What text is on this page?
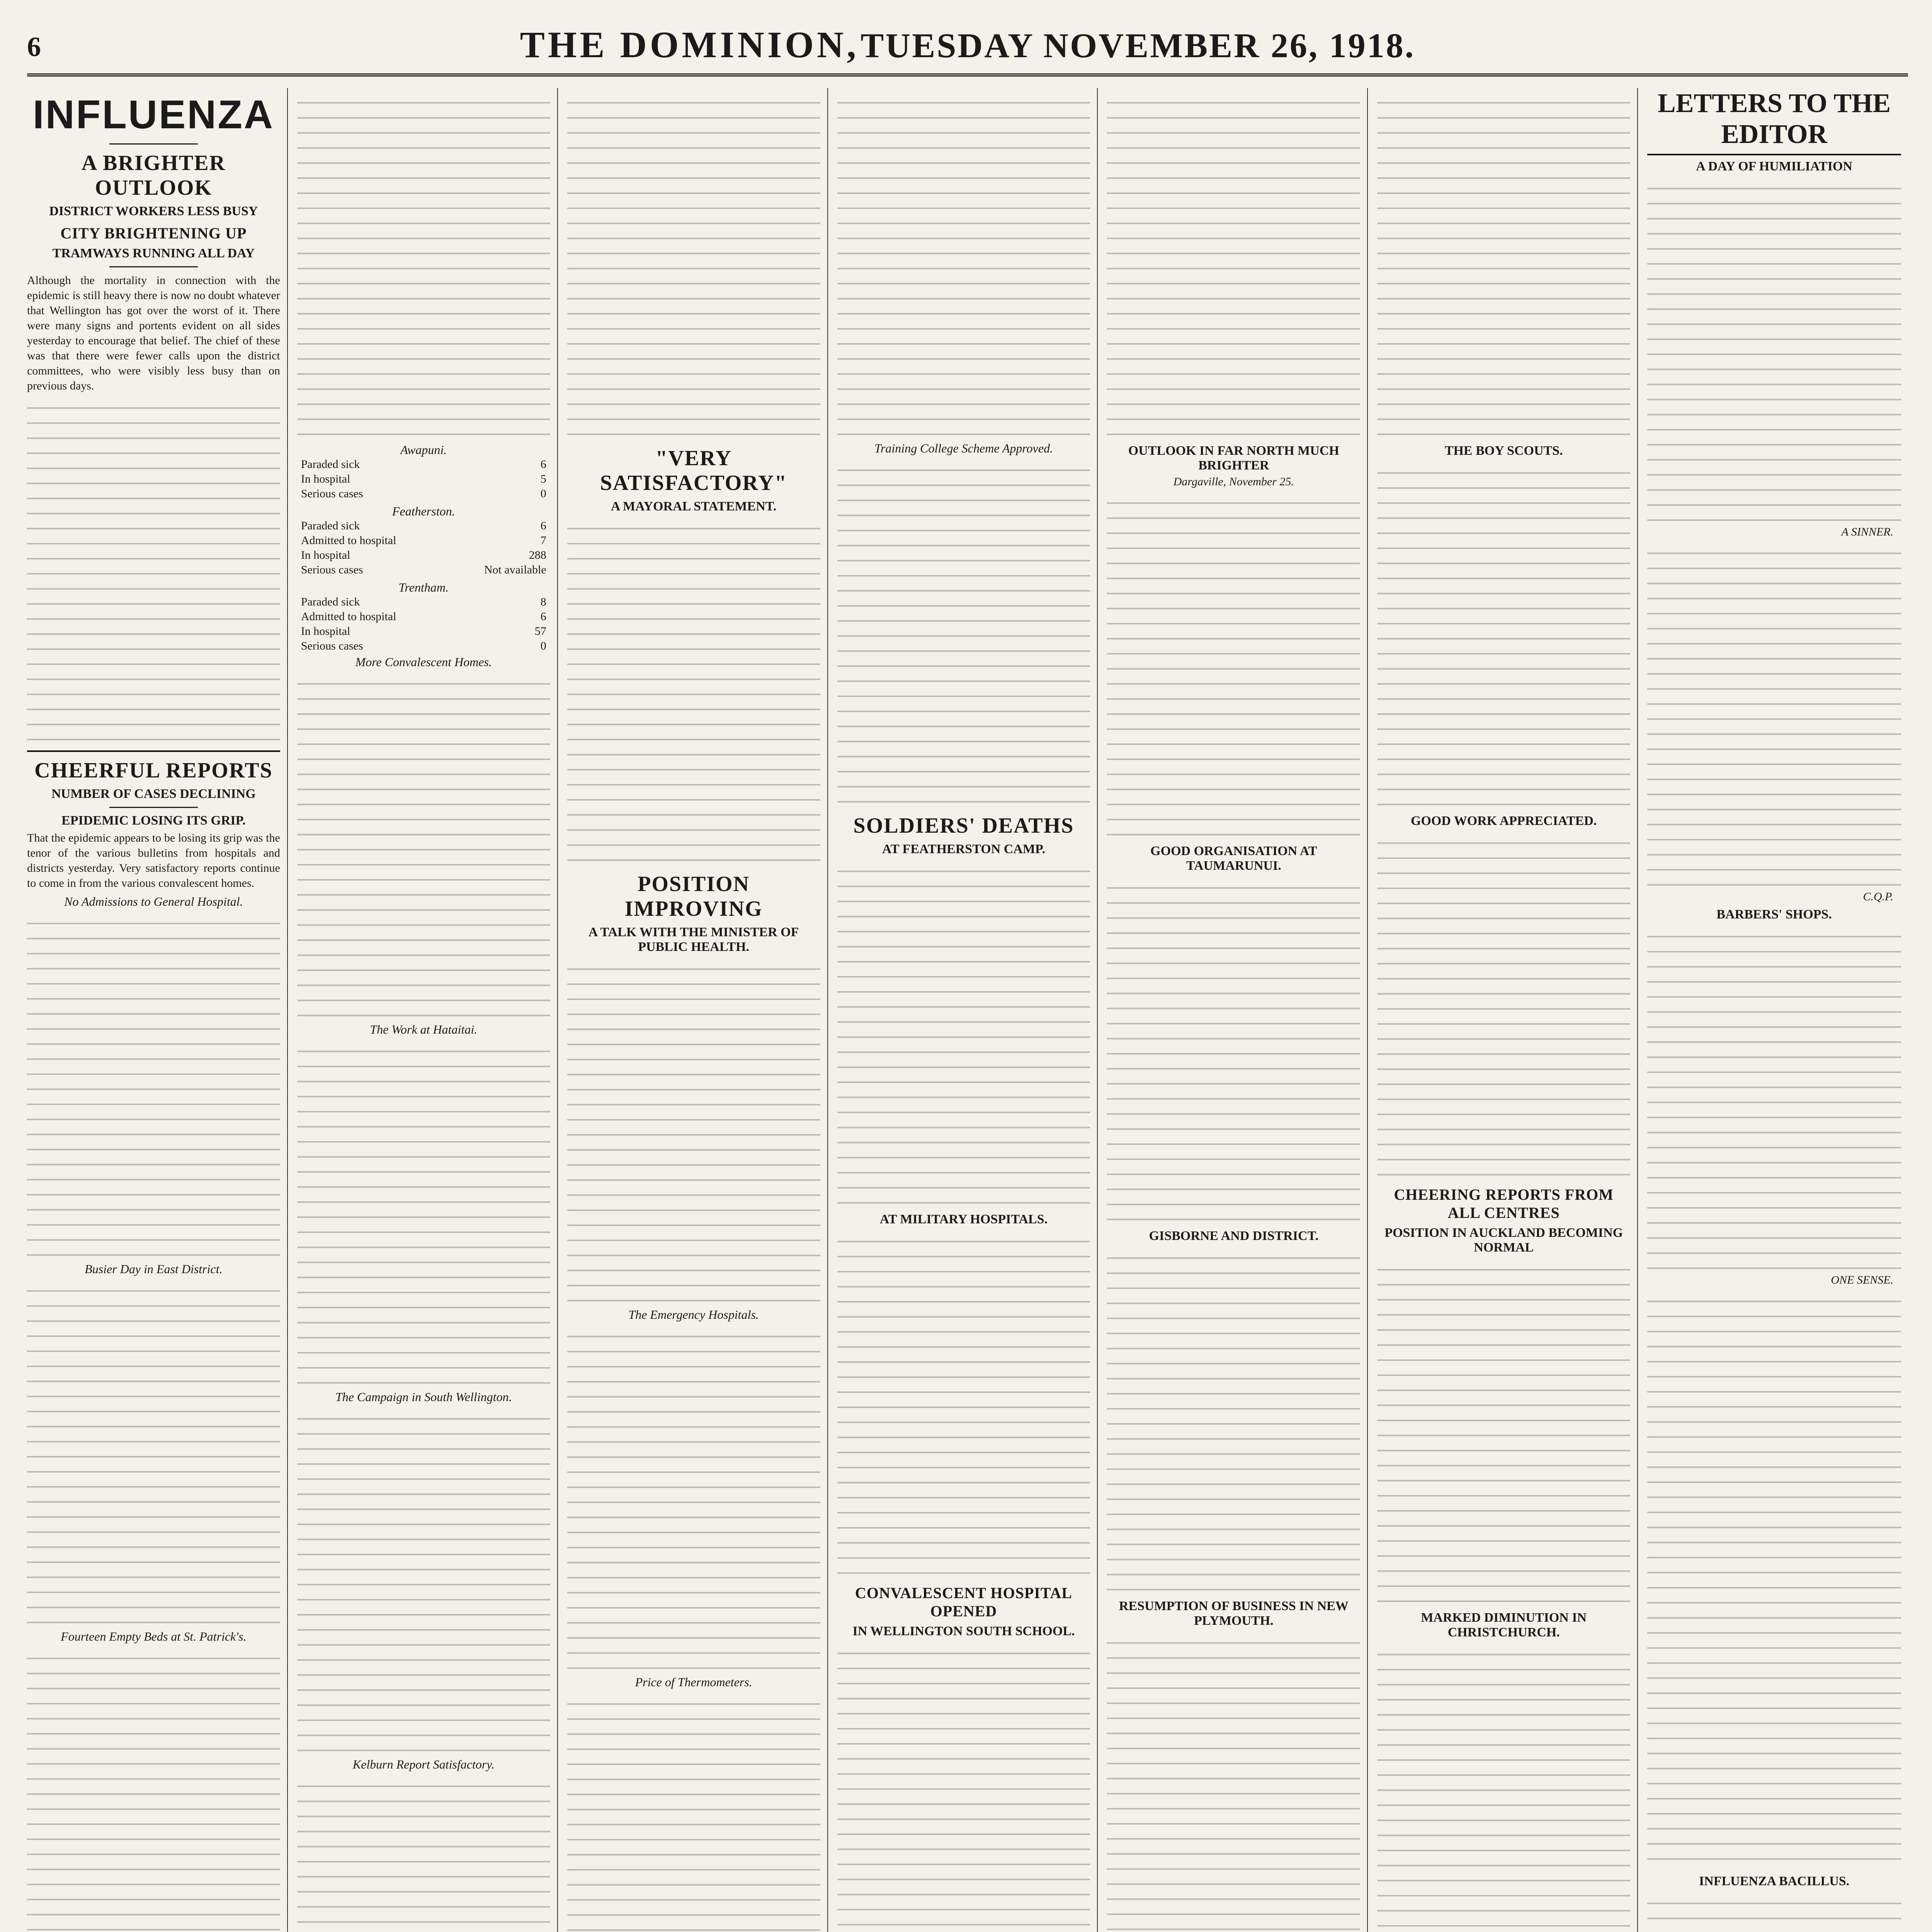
6	THE DOMINION, TUESDAY NOVEMBER 26, 1918.
INFLUENZA
A BRIGHTER OUTLOOK
DISTRICT WORKERS LESS BUSY
CITY BRIGHTENING UP
TRAMWAYS RUNNING ALL DAY

Although the mortality in connection with the epidemic is still heavy there is now no doubt whatever that Wellington has got over the worst of it. There were many signs and portents evident on all sides yesterday to encourage that belief. The chief of these was that there were fewer calls upon the district committees, who were visibly less busy than on previous days.

CHEERFUL REPORTS
NUMBER OF CASES DECLINING
EPIDEMIC LOSING ITS GRIP.

That the epidemic appears to be losing its grip was the tenor of the various bulletins from hospitals and districts yesterday. Very satisfactory reports continue to come in from the various convalescent homes.

No Admissions to General Hospital.
Busier Day in East District.
Fourteen Empty Beds at St. Patrick's.
Awapuni.
Paraded sick	6
In hospital	5
Serious cases	0
Featherston.
Paraded sick	6
Admitted to hospital	7
In hospital	288
Serious cases	Not available
Trentham.
Paraded sick	8
Admitted to hospital	6
In hospital	57
Serious cases	0
More Convalescent Homes.
The Work at Hataitai.
The Campaign in South Wellington.
Kelburn Report Satisfactory.
"VERY SATISFACTORY"
A MAYORAL STATEMENT.
POSITION IMPROVING
A TALK WITH THE MINISTER OF PUBLIC HEALTH.
The Emergency Hospitals.
Price of Thermometers.
Training College Scheme Approved.
SOLDIERS' DEATHS
AT FEATHERSTON CAMP.
AT MILITARY HOSPITALS.
CONVALESCENT HOSPITAL OPENED
IN WELLINGTON SOUTH SCHOOL.
OUTLOOK IN FAR NORTH MUCH BRIGHTER
Dargaville, November 25.
GOOD ORGANISATION AT TAUMARUNUI.
GISBORNE AND DISTRICT.
RESUMPTION OF BUSINESS IN NEW PLYMOUTH.
THE BOY SCOUTS.
GOOD WORK APPRECIATED.
CHEERING REPORTS FROM ALL CENTRES
POSITION IN AUCKLAND BECOMING NORMAL
MARKED DIMINUTION IN CHRISTCHURCH.
LETTERS TO THE EDITOR
A DAY OF HUMILIATION
A SINNER.
C.Q.P.
BARBERS' SHOPS.
ONE SENSE.
INFLUENZA BACILLUS.
